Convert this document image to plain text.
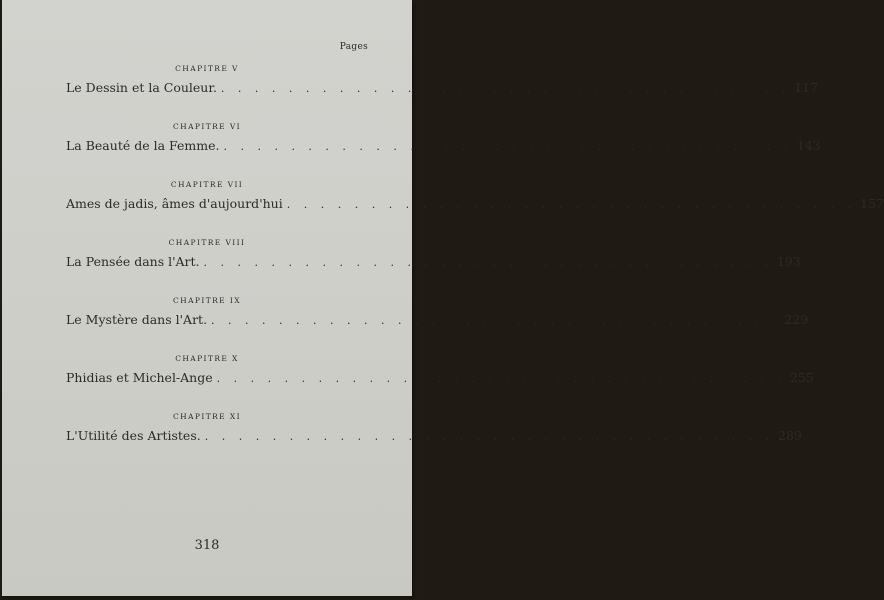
Pages
CHAPITRE V
Le Dessin et la Couleur. . . . . . . . . . . . . . . . . . . . . . . . . . . . . . . . . . . 117
CHAPITRE VI
La Beauté de la Femme. . . . . . . . . . . . . . . . . . . . . . . . . . . . . . . . . . . 143
CHAPITRE VII
Ames de jadis, âmes d'aujourd'hui . . . . . . . . . . . . . . . . . . . . . . . . . . . . . . . . . . 157
CHAPITRE VIII
La Pensée dans l'Art. . . . . . . . . . . . . . . . . . . . . . . . . . . . . . . . . . . 193
CHAPITRE IX
Le Mystère dans l'Art. . . . . . . . . . . . . . . . . . . . . . . . . . . . . . . . . . . 229
CHAPITRE X
Phidias et Michel-Ange . . . . . . . . . . . . . . . . . . . . . . . . . . . . . . . . . . 255
CHAPITRE XI
L'Utilité des Artistes. . . . . . . . . . . . . . . . . . . . . . . . . . . . . . . . . . . 289
318
